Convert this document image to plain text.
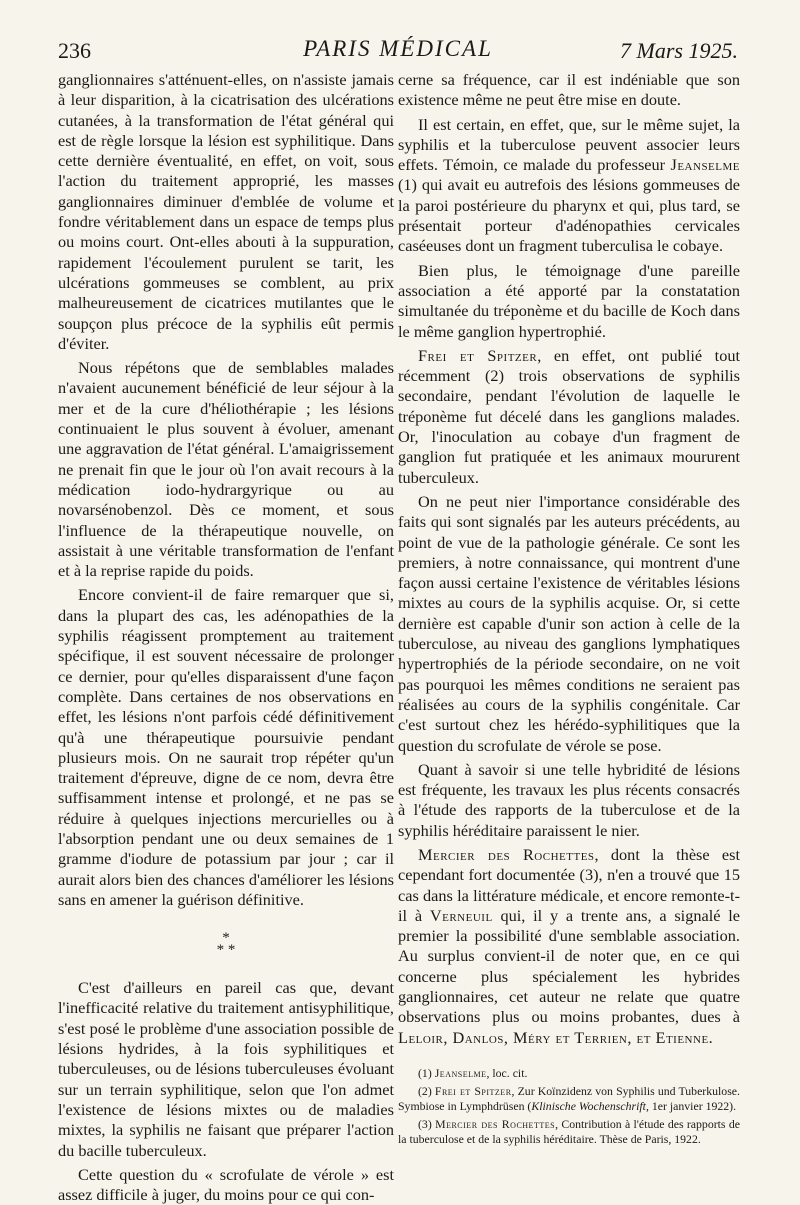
236	PARIS MÉDICAL	7 Mars 1925.

ganglionnaires s'atténuent-elles, on n'assiste jamais à leur disparition, à la cicatrisation des ulcérations cutanées, à la transformation de l'état général qui est de règle lorsque la lésion est syphilitique. Dans cette dernière éventualité, en effet, on voit, sous l'action du traitement approprié, les masses ganglionnaires diminuer d'emblée de volume et fondre véritablement dans un espace de temps plus ou moins court. Ont-elles abouti à la suppuration, rapidement l'écoulement purulent se tarit, les ulcérations gommeuses se comblent, au prix malheureusement de cicatrices mutilantes que le soupçon plus précoce de la syphilis eût permis d'éviter.

Nous répétons que de semblables malades n'avaient aucunement bénéficié de leur séjour à la mer et de la cure d'héliothérapie ; les lésions continuaient le plus souvent à évoluer, amenant une aggravation de l'état général. L'amaigrissement ne prenait fin que le jour où l'on avait recours à la médication iodo-hydrargyrique ou au novarsénobenzol. Dès ce moment, et sous l'influence de la thérapeutique nouvelle, on assistait à une véritable transformation de l'enfant et à la reprise rapide du poids.

Encore convient-il de faire remarquer que si, dans la plupart des cas, les adénopathies de la syphilis réagissent promptement au traitement spécifique, il est souvent nécessaire de prolonger ce dernier, pour qu'elles disparaissent d'une façon complète. Dans certaines de nos observations en effet, les lésions n'ont parfois cédé définitivement qu'à une thérapeutique poursuivie pendant plusieurs mois. On ne saurait trop répéter qu'un traitement d'épreuve, digne de ce nom, devra être suffisamment intense et prolongé, et ne pas se réduire à quelques injections mercurielles ou à l'absorption pendant une ou deux semaines de 1 gramme d'iodure de potassium par jour ; car il aurait alors bien des chances d'améliorer les lésions sans en amener la guérison définitive.

*
* *

C'est d'ailleurs en pareil cas que, devant l'inefficacité relative du traitement antisyphilitique, s'est posé le problème d'une association possible de lésions hydrides, à la fois syphilitiques et tuberculeuses, ou de lésions tuberculeuses évoluant sur un terrain syphilitique, selon que l'on admet l'existence de lésions mixtes ou de maladies mixtes, la syphilis ne faisant que préparer l'action du bacille tuberculeux.

Cette question du « scrofulate de vérole » est assez difficile à juger, du moins pour ce qui con-

cerne sa fréquence, car il est indéniable que son existence même ne peut être mise en doute.

Il est certain, en effet, que, sur le même sujet, la syphilis et la tuberculose peuvent associer leurs effets. Témoin, ce malade du professeur Jeanselme (1) qui avait eu autrefois des lésions gommeuses de la paroi postérieure du pharynx et qui, plus tard, se présentait porteur d'adénopathies cervicales caséeuses dont un fragment tuberculisa le cobaye.

Bien plus, le témoignage d'une pareille association a été apporté par la constatation simultanée du tréponème et du bacille de Koch dans le même ganglion hypertrophié.

Frei et Spitzer, en effet, ont publié tout récemment (2) trois observations de syphilis secondaire, pendant l'évolution de laquelle le tréponème fut décelé dans les ganglions malades. Or, l'inoculation au cobaye d'un fragment de ganglion fut pratiquée et les animaux moururent tuberculeux.

On ne peut nier l'importance considérable des faits qui sont signalés par les auteurs précédents, au point de vue de la pathologie générale. Ce sont les premiers, à notre connaissance, qui montrent d'une façon aussi certaine l'existence de véritables lésions mixtes au cours de la syphilis acquise. Or, si cette dernière est capable d'unir son action à celle de la tuberculose, au niveau des ganglions lymphatiques hypertrophiés de la période secondaire, on ne voit pas pourquoi les mêmes conditions ne seraient pas réalisées au cours de la syphilis congénitale. Car c'est surtout chez les hérédo-syphilitiques que la question du scrofulate de vérole se pose.

Quant à savoir si une telle hybridité de lésions est fréquente, les travaux les plus récents consacrés à l'étude des rapports de la tuberculose et de la syphilis héréditaire paraissent le nier.

Mercier des Rochettes, dont la thèse est cependant fort documentée (3), n'en a trouvé que 15 cas dans la littérature médicale, et encore remonte-t-il à Verneuil qui, il y a trente ans, a signalé le premier la possibilité d'une semblable association. Au surplus convient-il de noter que, en ce qui concerne plus spécialement les hybrides ganglionnaires, cet auteur ne relate que quatre observations plus ou moins probantes, dues à Leloir, Danlos, Méry et Terrien, et Etienne.

(1) Jeanselme, loc. cit.

(2) Frei et Spitzer, Zur Koïnzidenz von Syphilis und Tuberkulose. Symbiose in Lymphdrüsen (Klinische Wochenschrift, 1er janvier 1922).

(3) Mercier des Rochettes, Contribution à l'étude des rapports de la tuberculose et de la syphilis héréditaire. Thèse de Paris, 1922.
